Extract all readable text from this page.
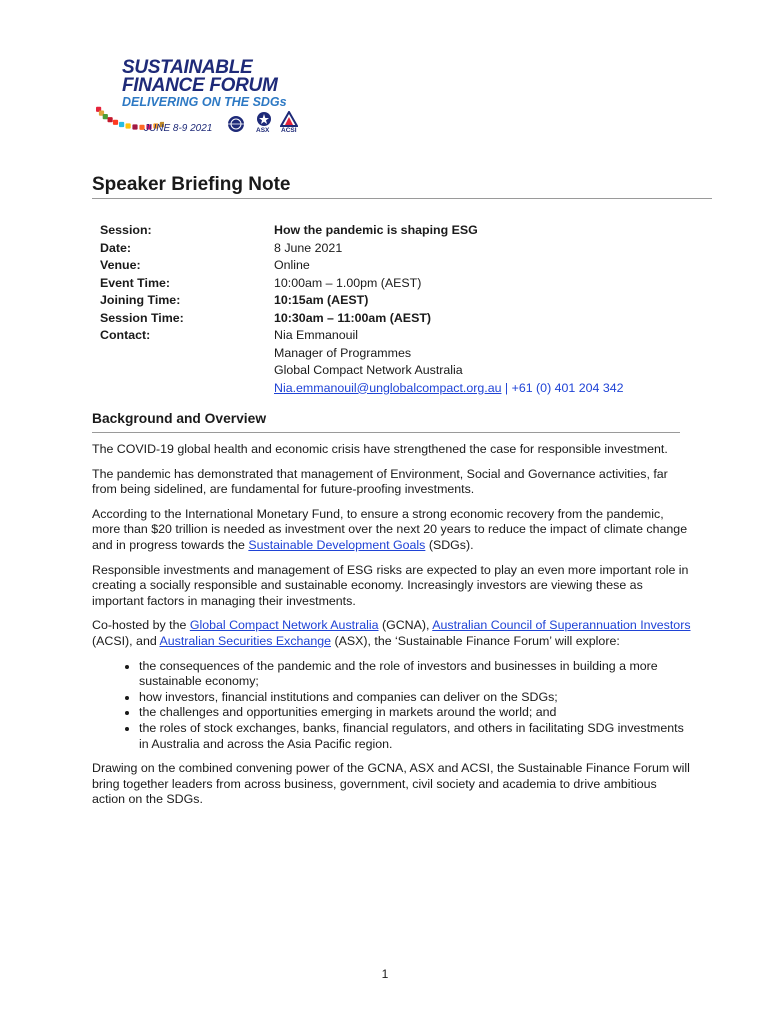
SUSTAINABLE
FINANCE FORUM
DELIVERING ON THE SDGs
JUNE 8-9 2021	ASX ACSI
Speaker Briefing Note
Session:	How the pandemic is shaping ESG
Date:	8 June 2021
Venue:	Online
Event Time:	10:00am – 1.00pm (AEST)
Joining Time:	10:15am (AEST)
Session Time:	10:30am – 11:00am (AEST)
Contact:	Nia Emmanouil
Manager of Programmes
Global Compact Network Australia
Nia.emmanouil@unglobalcompact.org.au | +61 (0) 401 204 342
Background and Overview

The COVID-19 global health and economic crisis have strengthened the case for responsible investment.

The pandemic has demonstrated that management of Environment, Social and Governance activities, far from being sidelined, are fundamental for future-proofing investments.

According to the International Monetary Fund, to ensure a strong economic recovery from the pandemic, more than $20 trillion is needed as investment over the next 20 years to reduce the impact of climate change and in progress towards the Sustainable Development Goals (SDGs).

Responsible investments and management of ESG risks are expected to play an even more important role in creating a socially responsible and sustainable economy. Increasingly investors are viewing these as important factors in managing their investments.

Co-hosted by the Global Compact Network Australia (GCNA), Australian Council of Superannuation Investors (ACSI), and Australian Securities Exchange (ASX), the ‘Sustainable Finance Forum’ will explore:

• the consequences of the pandemic and the role of investors and businesses in building a more sustainable economy;
• how investors, financial institutions and companies can deliver on the SDGs;
• the challenges and opportunities emerging in markets around the world; and
• the roles of stock exchanges, banks, financial regulators, and others in facilitating SDG investments in Australia and across the Asia Pacific region.

Drawing on the combined convening power of the GCNA, ASX and ACSI, the Sustainable Finance Forum will bring together leaders from across business, government, civil society and academia to drive ambitious action on the SDGs.

1
